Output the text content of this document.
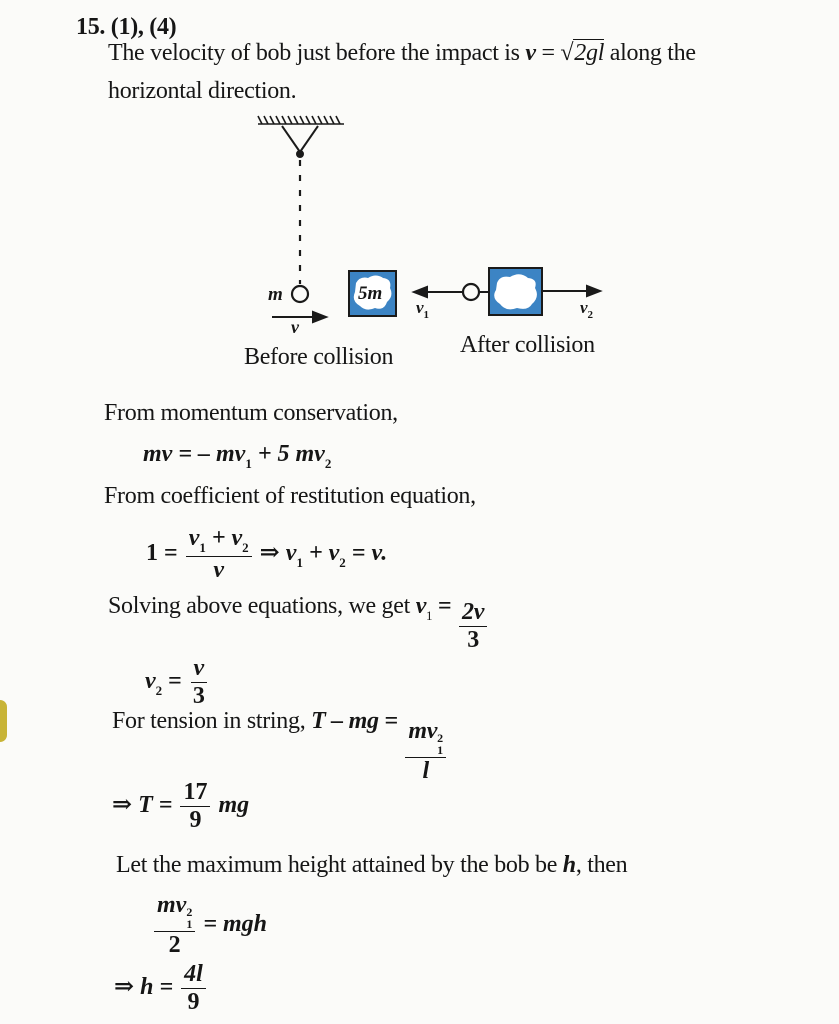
15. (1), (4)
The velocity of bob just before the impact is v = √2gl along the
horizontal direction.
m	5m
v
$v_1$	$v_2$
Before collision	After collision
From momentum conservation,
mv = – $mv_1 + 5$ $mv_2$
From coefficient of restitution equation,
$1 = \frac{v_1 + v_2}{v}$ ⇒ $v_1 + v_2 = v$.
Solving above equations, we get $v_1 = \frac{2v}{3}$
$v_2 = \frac{v}{3}$
For tension in string, T – mg = mv 2
1
l
⇒ $T = \frac{17}{9}$ mg
Let the maximum height attained by the bob be h, then
mv 2
1
2 = mgh
⇒ $h = \frac{4l}{9}$
